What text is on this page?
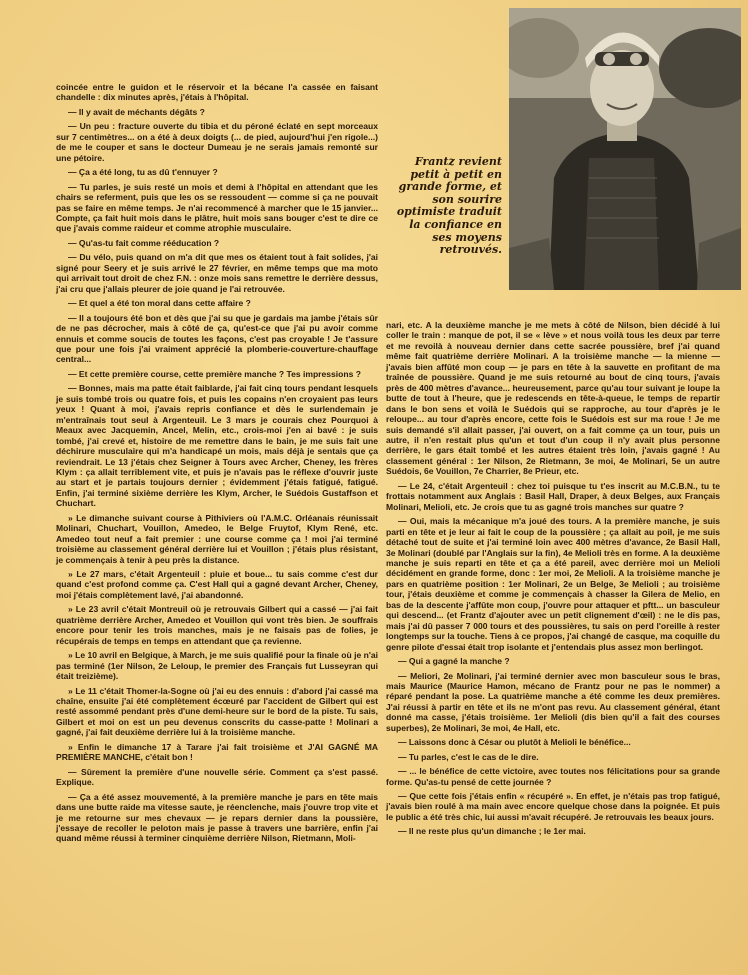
Frantz revient petit à petit en grande forme, et son sourire optimiste traduit la confiance en ses moyens retrouvés.

coincée entre le guidon et le réservoir et la bécane l'a cassée en faisant chandelle : dix minutes après, j'étais à l'hôpital.

— Il y avait de méchants dégâts ?

— Un peu : fracture ouverte du tibia et du péroné éclaté en sept morceaux sur 7 centimètres... on a été à deux doigts (... de pied, aujourd'hui j'en rigole...) de me le couper et sans le docteur Dumeau je ne serais jamais remonté sur une pétoire.

— Ça a été long, tu as dû t'ennuyer ?

— Tu parles, je suis resté un mois et demi à l'hôpital en attendant que les chairs se referment, puis que les os se ressoudent — comme si ça ne pouvait pas se faire en même temps. Je n'ai recommencé à marcher que le 15 janvier... Compte, ça fait huit mois dans le plâtre, huit mois sans bouger c'est te dire ce que j'avais comme raideur et comme atrophie musculaire.

— Qu'as-tu fait comme rééducation ?

— Du vélo, puis quand on m'a dit que mes os étaient tout à fait solides, j'ai signé pour Seery et je suis arrivé le 27 février, en même temps que ma moto qui arrivait tout droit de chez F.N. : onze mois sans remettre le derrière dessus, j'ai cru que j'allais pleurer de joie quand je l'ai retrouvée.

— Et quel a été ton moral dans cette affaire ?

— Il a toujours été bon et dès que j'ai su que je gardais ma jambe j'étais sûr de ne pas décrocher, mais à côté de ça, qu'est-ce que j'ai pu avoir comme ennuis et comme soucis de toutes les façons, c'est pas croyable ! Je t'assure que pour une fois j'ai vraiment apprécié la plomberie-couverture-chauffage central...

— Et cette première course, cette première manche ? Tes impressions ?

— Bonnes, mais ma patte était faiblarde, j'ai fait cinq tours pendant lesquels je suis tombé trois ou quatre fois, et puis les copains n'en croyaient pas leurs yeux ! Quant à moi, j'avais repris confiance et dès le surlendemain je m'entraînais tout seul à Argenteuil. Le 3 mars je courais chez Pourquoi à Meaux avec Jacquemin, Ancel, Melin, etc., crois-moi j'en ai bavé : je suis tombé, j'ai crevé et, histoire de me remettre dans le bain, je me suis fait une déchirure musculaire qui m'a handicapé un mois, mais déjà je sentais que ça reviendrait. Le 13 j'étais chez Seigner à Tours avec Archer, Cheney, les frères Klym : ça allait terriblement vite, et puis je n'avais pas le réflexe d'ouvrir juste au start et je partais toujours dernier ; évidemment j'étais fatigué, fatigué. Enfin, j'ai terminé sixième derrière les Klym, Archer, le Suédois Gustaffson et Chuchart.

» Le dimanche suivant course à Pithiviers où l'A.M.C. Orléanais réunissait Molinari, Chuchart, Vouillon, Amedeo, le Belge Fruytof, Klym René, etc. Amedeo tout neuf a fait premier : une course comme ça ! moi j'ai terminé troisième au classement général derrière lui et Vouillon ; j'étais plus résistant, je commençais à tenir à peu près la distance.

» Le 27 mars, c'était Argenteuil : pluie et boue... tu sais comme c'est dur quand c'est profond comme ça. C'est Hall qui a gagné devant Archer, Cheney, moi j'étais complètement lavé, j'ai abandonné.

» Le 23 avril c'était Montreuil où je retrouvais Gilbert qui a cassé — j'ai fait quatrième derrière Archer, Amedeo et Vouillon qui vont très bien. Je souffrais encore pour tenir les trois manches, mais je ne faisais pas de folies, je récupérais de temps en temps en attendant que ça revienne.

» Le 10 avril en Belgique, à March, je me suis qualifié pour la finale où je n'ai pas terminé (1er Nilson, 2e Leloup, le premier des Français fut Lusseyran qui était treizième).

» Le 11 c'était Thomer-la-Sogne où j'ai eu des ennuis : d'abord j'ai cassé ma chaîne, ensuite j'ai été complètement écœuré par l'accident de Gilbert qui est resté assommé pendant près d'une demi-heure sur le bord de la piste. Tu sais, Gilbert et moi on est un peu devenus conscrits du casse-patte ! Molinari a gagné, j'ai fait deuxième derrière lui à la troisième manche.

» Enfin le dimanche 17 à Tarare j'ai fait troisième et J'AI GAGNÉ MA PREMIÈRE MANCHE, c'était bon !

— Sûrement la première d'une nouvelle série. Comment ça s'est passé. Explique.

— Ça a été assez mouvementé, à la première manche je pars en tête mais dans une butte raide ma vitesse saute, je réenclenche, mais j'ouvre trop vite et je me retourne sur mes chevaux — je repars dernier dans la poussière, j'essaye de recoller le peloton mais je passe à travers une barrière, enfin j'ai quand même réussi à terminer cinquième derrière Nilson, Rietmann, Moli-

nari, etc. A la deuxième manche je me mets à côté de Nilson, bien décidé à lui coller le train : manque de pot, il se « lève » et nous voilà tous les deux par terre et me revoilà à nouveau dernier dans cette sacrée poussière, bref j'ai quand même fait quatrième derrière Molinari. A la troisième manche — la mienne — j'avais bien affûté mon coup — je pars en tête à la sauvette en profitant de ma traînée de poussière. Quand je me suis retourné au bout de cinq tours, j'avais près de 400 mètres d'avance... heureusement, parce qu'au tour suivant je loupe la butte de tout à l'heure, que je redescends en tête-à-queue, le temps de repartir dans le bon sens et voilà le Suédois qui se rapproche, au tour d'après je le reloupe... au tour d'après encore, cette fois le Suédois est sur ma roue ! Je me suis demandé s'il allait passer, j'ai ouvert, on a fait comme ça un tour, puis un autre, il n'en restait plus qu'un et tout d'un coup il n'y avait plus personne derrière, le gars était tombé et les autres étaient très loin, j'avais gagné ! Au classement général : 1er Nilson, 2e Rietmann, 3e moi, 4e Molinari, 5e un autre Suédois, 6e Vouillon, 7e Charrier, 8e Prieur, etc.

— Le 24, c'était Argenteuil : chez toi puisque tu t'es inscrit au M.C.B.N., tu te frottais notamment aux Anglais : Basil Hall, Draper, à deux Belges, aux Français Molinari, Melioli, etc. Je crois que tu as gagné trois manches sur quatre ?

— Oui, mais la mécanique m'a joué des tours. A la première manche, je suis parti en tête et je leur ai fait le coup de la poussière ; ça allait au poil, je me suis détaché tout de suite et j'ai terminé loin avec 400 mètres d'avance, 2e Basil Hall, 3e Molinari (doublé par l'Anglais sur la fin), 4e Melioli très en forme. A la deuxième manche je suis reparti en tête et ça a été pareil, avec derrière moi un Melioli décidément en grande forme, donc : 1er moi, 2e Melioli. A la troisième manche je pars en quatrième position : 1er Molinari, 2e un Belge, 3e Melioli ; au troisième tour, j'étais deuxième et comme je commençais à chasser la Gilera de Melio, en bas de la descente j'affûte mon coup, j'ouvre pour attaquer et pftt... un basculeur qui descend... (et Frantz d'ajouter avec un petit clignement d'œil) : ne le dis pas, mais j'ai dû passer 7 000 tours et des poussières, tu sais on perd l'oreille à rester longtemps sur la touche. Tiens à ce propos, j'ai changé de casque, ma coquille du genre pilote d'essai était trop isolante et j'entendais plus assez mon berlingot.

— Qui a gagné la manche ?

— Meliori, 2e Molinari, j'ai terminé dernier avec mon basculeur sous le bras, mais Maurice (Maurice Hamon, mécano de Frantz pour ne pas le nommer) a réparé pendant la pose. La quatrième manche a été comme les deux premières. J'ai réussi à partir en tête et ils ne m'ont pas revu. Au classement général, étant donné ma casse, j'étais troisième. 1er Melioli (dis bien qu'il a fait des courses superbes), 2e Molinari, 3e moi, 4e Hall, etc.

— Laissons donc à César ou plutôt à Melioli le bénéfice...

— Tu parles, c'est le cas de le dire.

— ... le bénéfice de cette victoire, avec toutes nos félicitations pour sa grande forme. Qu'as-tu pensé de cette journée ?

— Que cette fois j'étais enfin « récupéré ». En effet, je n'étais pas trop fatigué, j'avais bien roulé à ma main avec encore quelque chose dans la poignée. Et puis le public a été très chic, lui aussi m'avait récupéré. Je retrouvais les beaux jours.

— Il ne reste plus qu'un dimanche ; le 1er mai.
